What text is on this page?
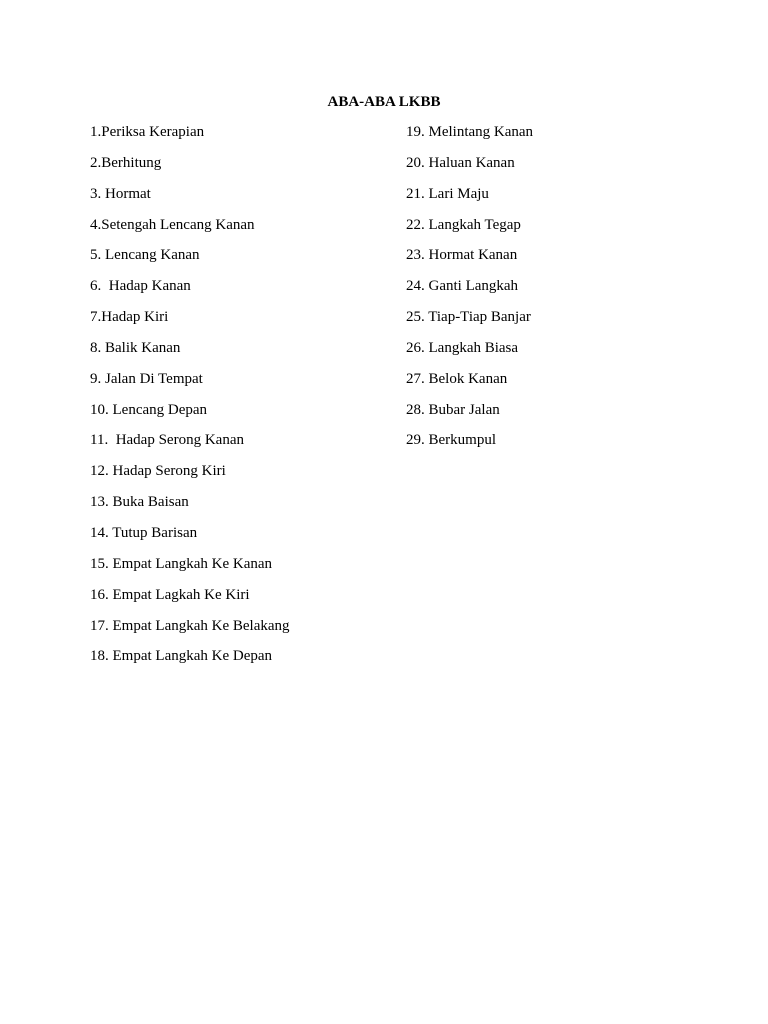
ABA-ABA LKBB
1.Periksa Kerapian
2.Berhitung
3. Hormat
4.Setengah Lencang Kanan
5. Lencang Kanan
6.  Hadap Kanan
7.Hadap Kiri
8. Balik Kanan
9. Jalan Di Tempat
10. Lencang Depan
11.  Hadap Serong Kanan
12. Hadap Serong Kiri
13. Buka Baisan
14. Tutup Barisan
15. Empat Langkah Ke Kanan
16. Empat Lagkah Ke Kiri
17. Empat Langkah Ke Belakang
18. Empat Langkah Ke Depan
19. Melintang Kanan
20. Haluan Kanan
21. Lari Maju
22. Langkah Tegap
23. Hormat Kanan
24. Ganti Langkah
25. Tiap-Tiap Banjar
26. Langkah Biasa
27. Belok Kanan
28. Bubar Jalan
29. Berkumpul
